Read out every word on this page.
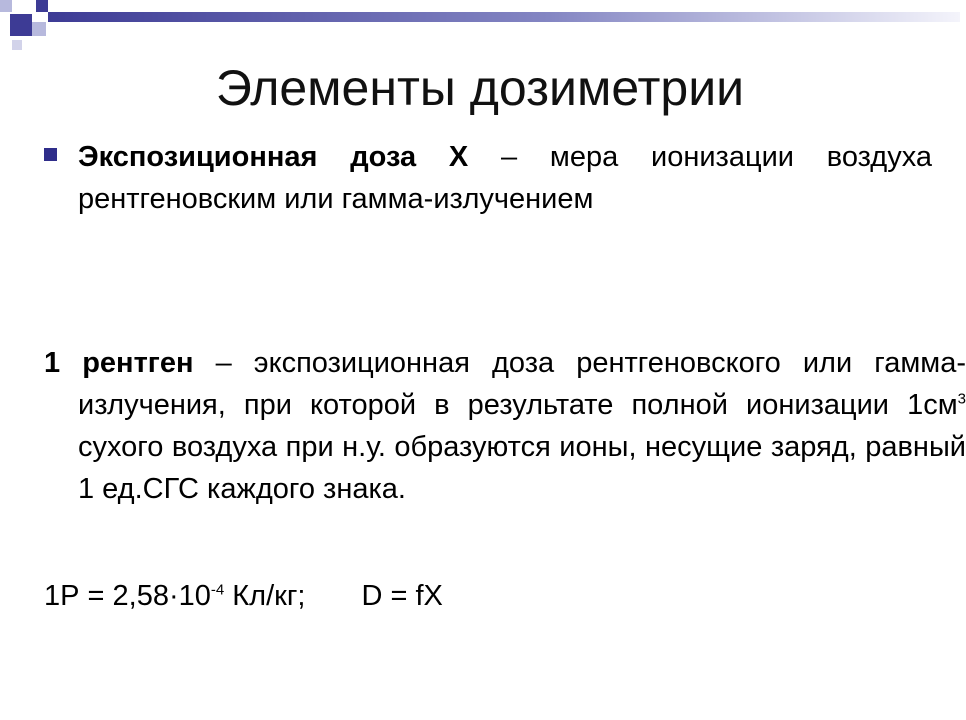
Элементы дозиметрии
Экспозиционная доза Х – мера ионизации воздуха рентгеновским или гамма-излучением
1 рентген – экспозиционная доза рентгеновского или гамма-излучения, при которой в результате полной ионизации $1см^3$ сухого воздуха при н.у. образуются ионы, несущие заряд, равный 1 ед.СГС каждого знака.
$1Р = 2,58\cdot 10^{-4}$ Кл/кг; D = fX
